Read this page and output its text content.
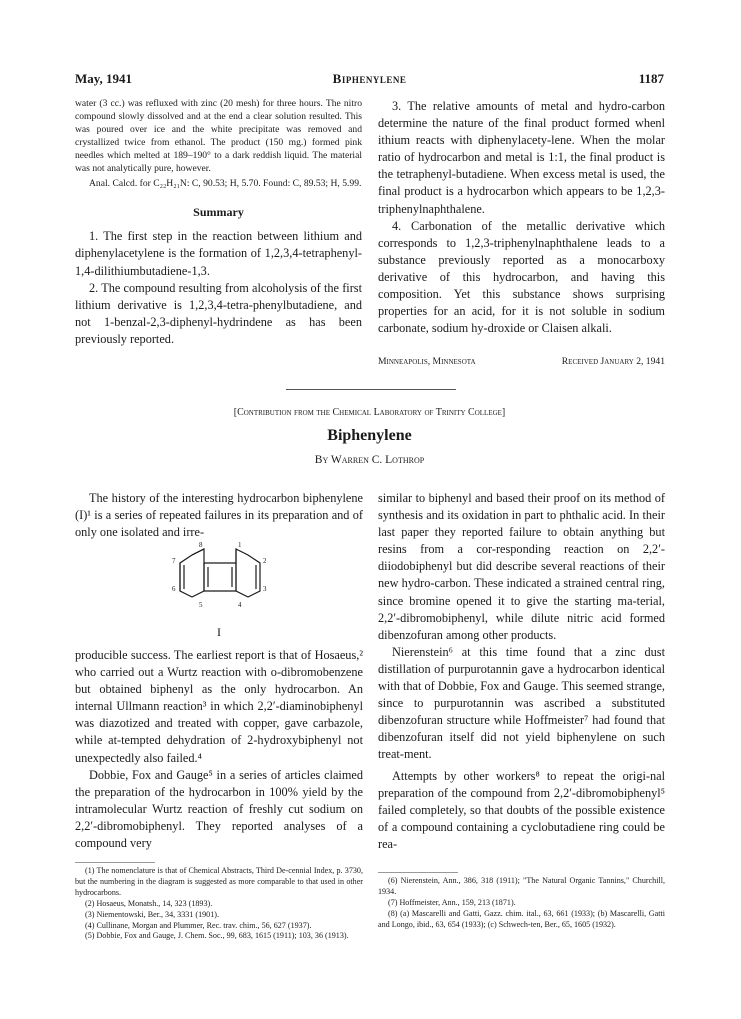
May, 1941	Biphenylene	1187

water (3 cc.) was refluxed with zinc (20 mesh) for three hours. The nitro compound slowly dissolved and at the end a clear solution resulted. This was poured over ice and the white precipitate was removed and crystallized twice from ethanol. The product (150 mg.) formed pink needles which melted at 189–190° to a dark reddish liquid. The material was not analytically pure, however.

Anal. Calcd. for C₂₂H₂₁N: C, 90.53; H, 5.70. Found: C, 89.53; H, 5.99.

Summary

1. The first step in the reaction between lithium and diphenylacetylene is the formation of 1,2,3,4-tetraphenyl-1,4-dilithiumbutadiene-1,3.

2. The compound resulting from alcoholysis of the first lithium derivative is 1,2,3,4-tetra-phenylbutadiene, and not 1-benzal-2,3-diphenyl-hydrindene as has been previously reported.

3. The relative amounts of metal and hydro-carbon determine the nature of the final product formed whenl ithium reacts with diphenylacety-lene. When the molar ratio of hydrocarbon and metal is 1:1, the final product is the tetraphenyl-butadiene. When excess metal is used, the final product is a hydrocarbon which appears to be 1,2,3-triphenylnaphthalene.

4. Carbonation of the metallic derivative which corresponds to 1,2,3-triphenylnaphthalene leads to a substance previously reported as a monocarboxy derivative of this hydrocarbon, and having this composition. Yet this substance shows surprising properties for an acid, for it is not soluble in sodium carbonate, sodium hy-droxide or Claisen alkali.

Minneapolis, Minnesota	Received January 2, 1941
[Contribution from the Chemical Laboratory of Trinity College]
Biphenylene
By Warren C. Lothrop

The history of the interesting hydrocarbon biphenylene (I)¹ is a series of repeated failures in its preparation and of only one isolated and irre-

8	1
7	2
6	3
5	4
I

producible success. The earliest report is that of Hosaeus,² who carried out a Wurtz reaction with o-dibromobenzene but obtained biphenyl as the only hydrocarbon. An internal Ullmann reaction³ in which 2,2′-diaminobiphenyl was diazotized and treated with copper, gave carbazole, while at-tempted dehydration of 2-hydroxybiphenyl not unexpectedly also failed.⁴

Dobbie, Fox and Gauge⁵ in a series of articles claimed the preparation of the hydrocarbon in 100% yield by the intramolecular Wurtz reaction of freshly cut sodium on 2,2′-dibromobiphenyl. They reported analyses of a compound very

(1) The nomenclature is that of Chemical Abstracts, Third De-cennial Index, p. 3730, but the numbering in the diagram is suggested as more comparable to that used in other hydrocarbons.

(2) Hosaeus, Monatsh., 14, 323 (1893).

(3) Niementowski, Ber., 34, 3331 (1901).

(4) Cullinane, Morgan and Plummer, Rec. trav. chim., 56, 627 (1937).

(5) Dobbie, Fox and Gauge, J. Chem. Soc., 99, 683, 1615 (1911); 103, 36 (1913).

similar to biphenyl and based their proof on its method of synthesis and its oxidation in part to phthalic acid. In their last paper they reported failure to obtain anything but resins from a cor-responding reaction on 2,2′-diiodobiphenyl but did describe several reactions of their new hydro-carbon. These indicated a strained central ring, since bromine opened it to give the starting ma-terial, 2,2′-dibromobiphenyl, while dilute nitric acid formed dibenzofuran among other products.

Nierenstein⁶ at this time found that a zinc dust distillation of purpurotannin gave a hydrocarbon identical with that of Dobbie, Fox and Gauge. This seemed strange, since to purpurotannin was ascribed a substituted dibenzofuran structure while Hoffmeister⁷ had found that dibenzofuran itself did not yield biphenylene on such treat-ment.

Attempts by other workers⁸ to repeat the origi-nal preparation of the compound from 2,2′-dibromobiphenyl⁵ failed completely, so that doubts of the possible existence of a compound containing a cyclobutadiene ring could be rea-

(6) Nierenstein, Ann., 386, 318 (1911); "The Natural Organic Tannins," Churchill, 1934.

(7) Hoffmeister, Ann., 159, 213 (1871).

(8) (a) Mascarelli and Gatti, Gazz. chim. ital., 63, 661 (1933); (b) Mascarelli, Gatti and Longo, ibid., 63, 654 (1933); (c) Schwech-ten, Ber., 65, 1605 (1932).
